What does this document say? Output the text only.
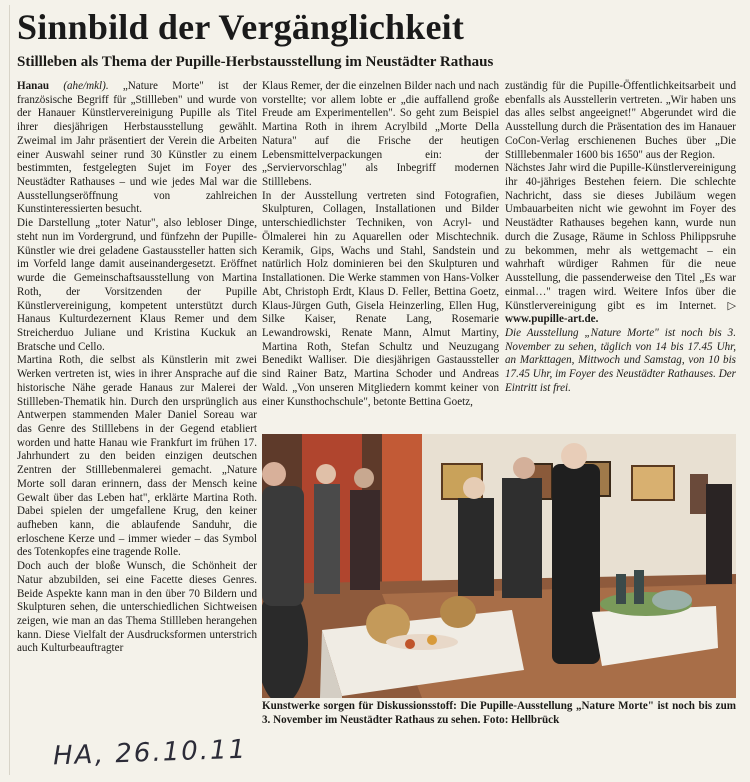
Sinnbild der Vergänglichkeit
Stillleben als Thema der Pupille-Herbstausstellung im Neustädter Rathaus

Hanau (ahe/mkl). „Nature Morte" ist der französische Begriff für „Stillleben" und wurde von der Hanauer Künstlervereinigung Pupille als Titel ihrer diesjährigen Herbstausstellung gewählt. Zweimal im Jahr präsentiert der Verein die Arbeiten einer Auswahl seiner rund 30 Künstler zu einem bestimmten, festgelegten Sujet im Foyer des Neustädter Rathauses – und wie jedes Mal war die Ausstellungseröffnung von zahlreichen Kunstinteressierten besucht.

Die Darstellung „toter Natur", also lebloser Dinge, steht nun im Vordergrund, und fünfzehn der Pupille-Künstler wie drei geladene Gastaussteller hatten sich im Vorfeld lange damit auseinandergesetzt. Eröffnet wurde die Gemeinschaftsausstellung von Martina Roth, der Vorsitzenden der Pupille Künstlervereinigung, kompetent unterstützt durch Hanaus Kulturdezernent Klaus Remer und dem Streicherduo Juliane und Kristina Kuckuk an Bratsche und Cello.

Martina Roth, die selbst als Künstlerin mit zwei Werken vertreten ist, wies in ihrer Ansprache auf die historische Nähe gerade Hanaus zur Malerei der Stillleben-Thematik hin. Durch den ursprünglich aus Antwerpen stammenden Maler Daniel Soreau war das Genre des Stilllebens in der Gegend etabliert worden und hatte Hanau wie Frankfurt im frühen 17. Jahrhundert zu den beiden einzigen deutschen Zentren der Stilllebenmalerei gemacht. „Nature Morte soll daran erinnern, dass der Mensch keine Gewalt über das Leben hat", erklärte Martina Roth. Dabei spielen der umgefallene Krug, den keiner aufheben kann, die ablaufende Sanduhr, die erloschene Kerze und – immer wieder – das Symbol des Totenkopfes eine tragende Rolle.

Doch auch der bloße Wunsch, die Schönheit der Natur abzubilden, sei eine Facette dieses Genres. Beide Aspekte kann man in den über 70 Bildern und Skulpturen sehen, die unterschiedlichen Sichtweisen zeigen, wie man an das Thema Stillleben herangehen kann. Diese Vielfalt der Ausdrucksformen unterstrich auch Kulturbeauftragter

Klaus Remer, der die einzelnen Bilder nach und nach vorstellte; vor allem lobte er „die auffallend große Freude am Experimentellen". So geht zum Beispiel Martina Roth in ihrem Acrylbild „Morte Della Natura" auf die Frische der heutigen Lebensmittelverpackungen ein: der „Serviervorschlag" als Inbegriff modernen Stilllebens.

In der Ausstellung vertreten sind Fotografien, Skulpturen, Collagen, Installationen und Bilder unterschiedlichster Techniken, von Acryl- und Ölmalerei hin zu Aquarellen oder Mischtechnik. Keramik, Gips, Wachs und Stahl, Sandstein und natürlich Holz dominieren bei den Skulpturen und Installationen. Die Werke stammen von Hans-Volker Abt, Christoph Erdt, Klaus D. Feller, Bettina Goetz, Klaus-Jürgen Guth, Gisela Heinzerling, Ellen Hug, Silke Kaiser, Renate Lang, Rosemarie Lewandrowski, Renate Mann, Almut Martiny, Martina Roth, Stefan Schultz und Neuzugang Benedikt Walliser. Die diesjährigen Gastaussteller sind Rainer Batz, Martina Schoder und Andreas Wald. „Von unseren Mitgliedern kommt keiner von einer Kunsthochschule", betonte Bettina Goetz,

zuständig für die Pupille-Öffentlichkeitsarbeit und ebenfalls als Ausstellerin vertreten. „Wir haben uns das alles selbst angeeignet!" Abgerundet wird die Ausstellung durch die Präsentation des im Hanauer CoCon-Verlag erschienenen Buches über „Die Stilllebenmaler 1600 bis 1650" aus der Region.

Nächstes Jahr wird die Pupille-Künstlervereinigung ihr 40-jähriges Bestehen feiern. Die schlechte Nachricht, dass sie dieses Jubiläum wegen Umbauarbeiten nicht wie gewohnt im Foyer des Neustädter Rathauses begehen kann, wurde nun durch die Zusage, Räume in Schloss Philippsruhe zu bekommen, mehr als wettgemacht – ein wahrhaft würdiger Rahmen für die neue Ausstellung, die passenderweise den Titel „Es war einmal…" tragen wird. Weitere Infos über die Künstlervereinigung gibt es im Internet. ▷ www.pupille-art.de.

Die Ausstellung „Nature Morte" ist noch bis 3. November zu sehen, täglich von 14 bis 17.45 Uhr, an Markttagen, Mittwoch und Samstag, von 10 bis 17.45 Uhr, im Foyer des Neustädter Rathauses. Der Eintritt ist frei.

Kunstwerke sorgen für Diskussionsstoff: Die Pupille-Ausstellung „Nature Morte" ist noch bis zum 3. November im Neustädter Rathaus zu sehen. Foto: Hellbrück
HA, 26.10.11
